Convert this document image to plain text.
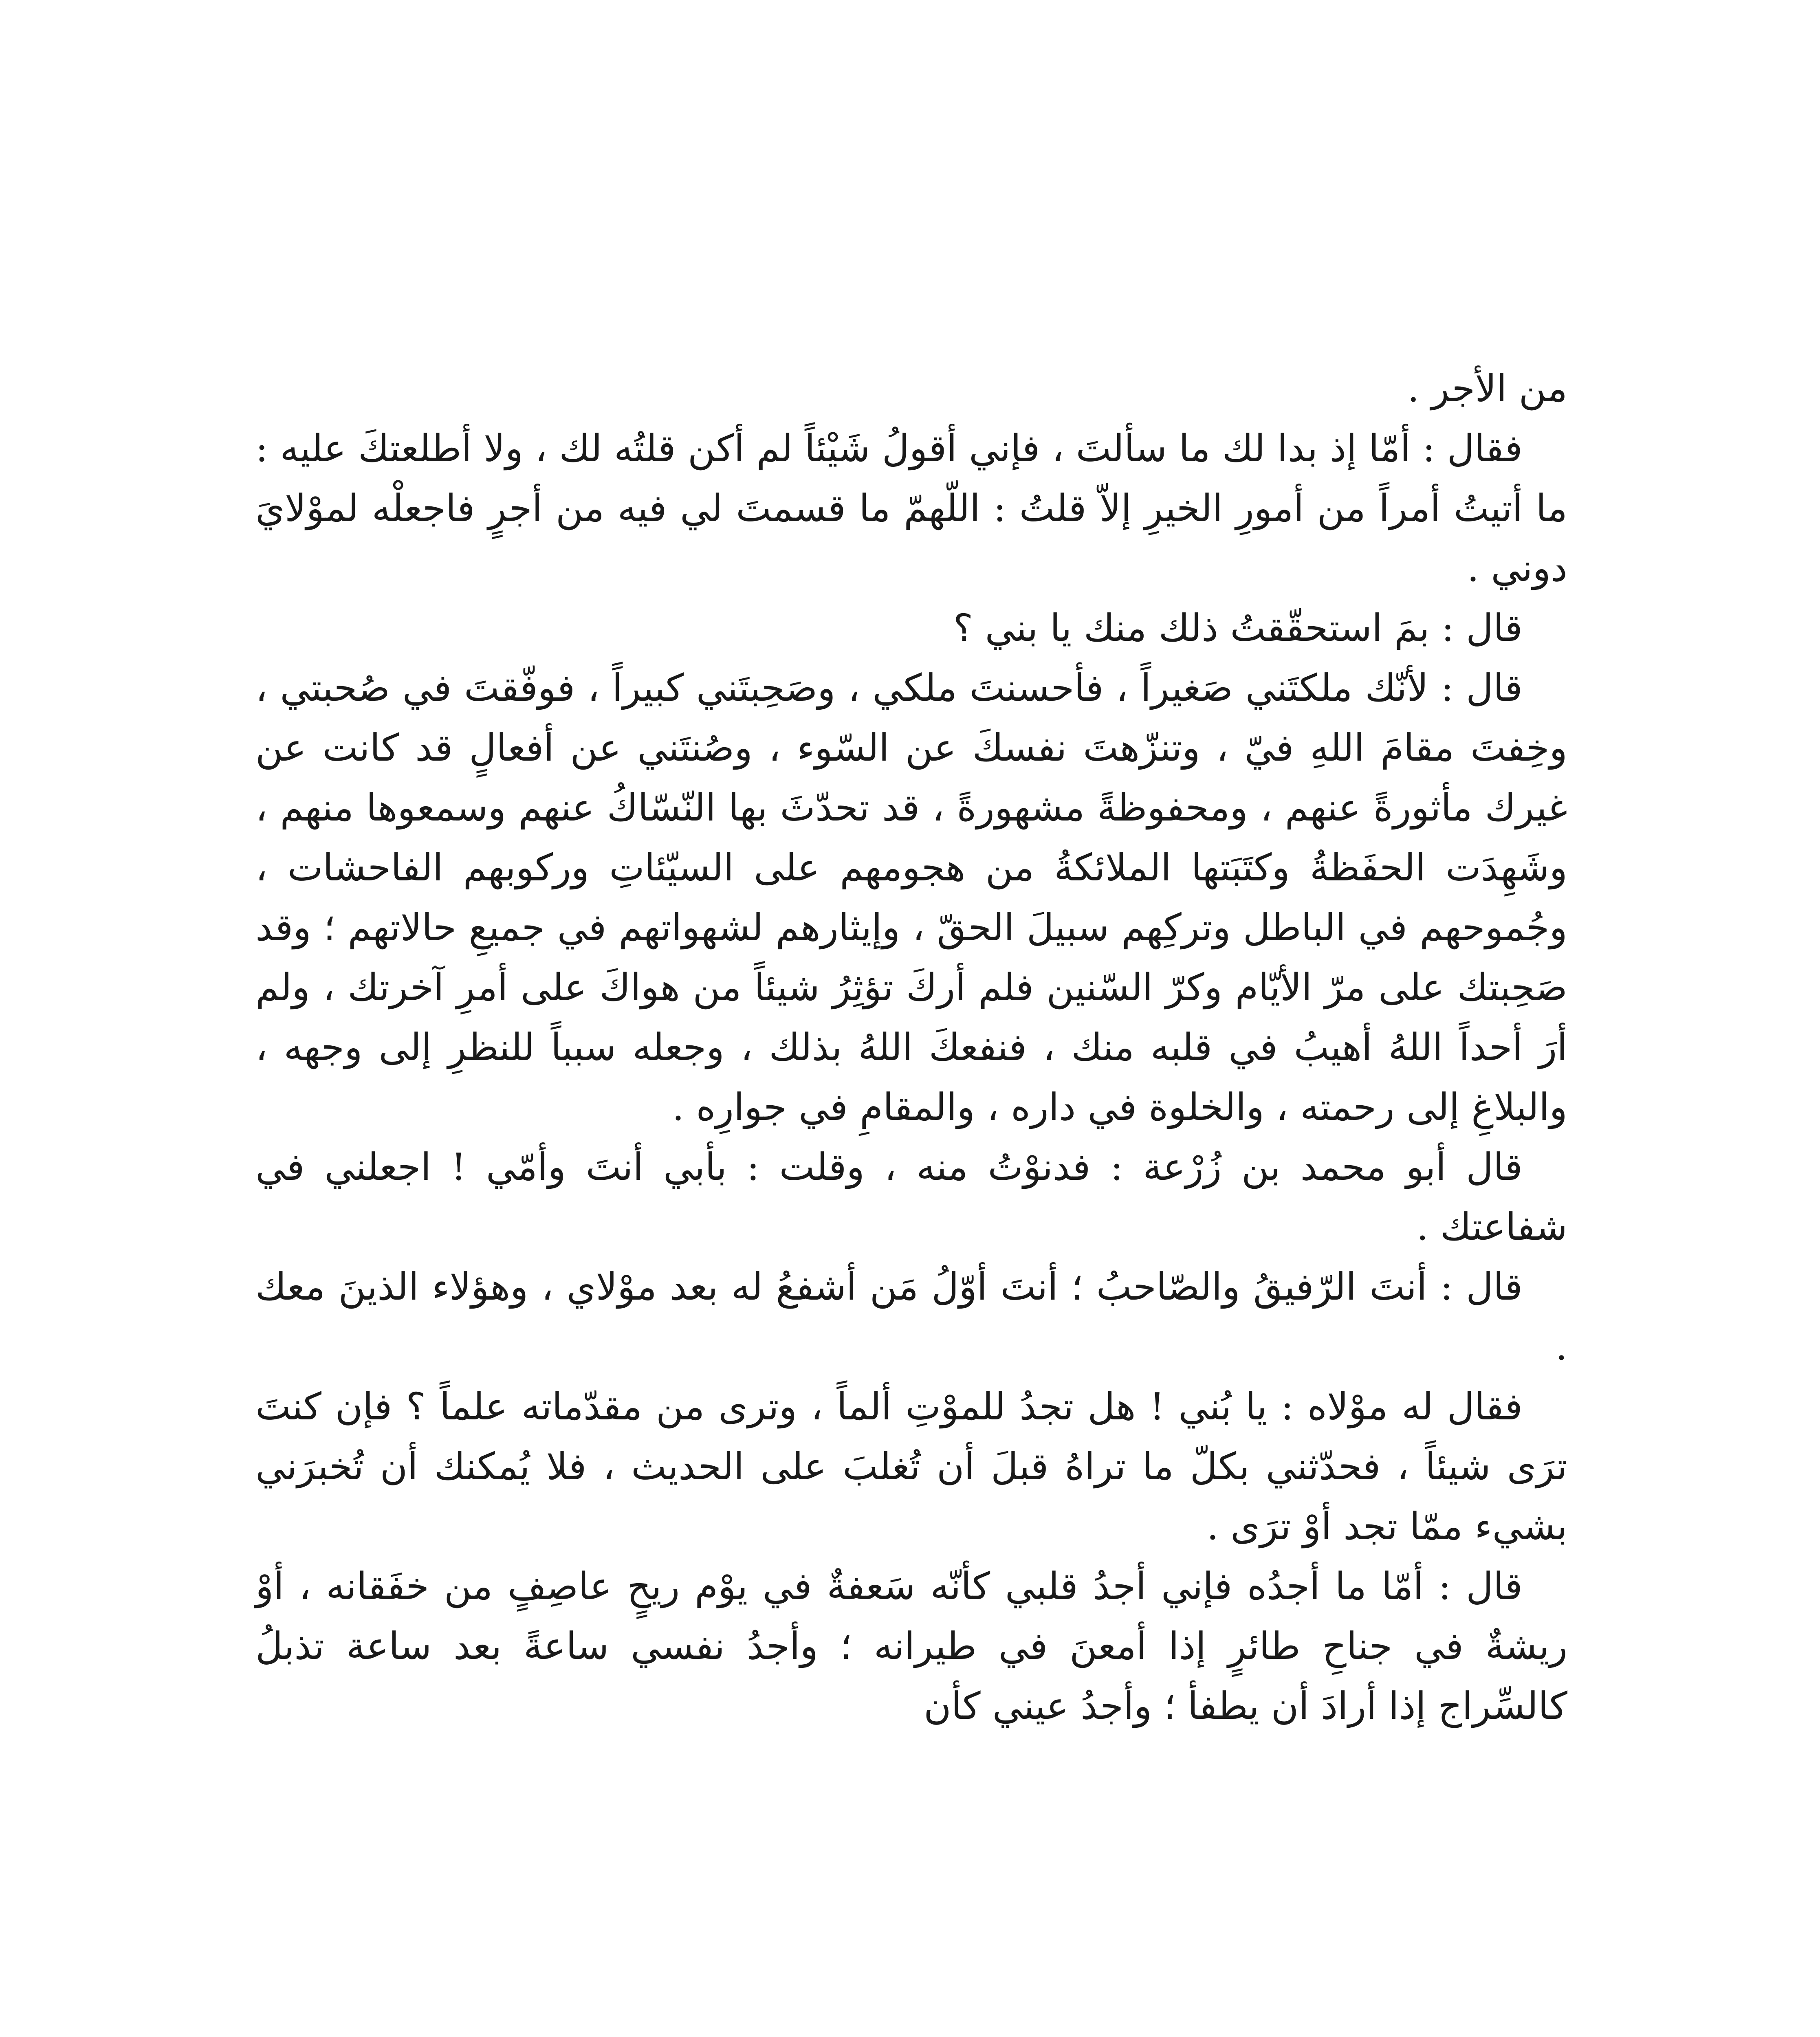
من الأجر .

فقال : أمّا إذ بدا لك ما سألتَ ، فإني أقولُ شَيْئاً لم أكن قلتُه لك ، ولا أطلعتكَ عليه : ما أتيتُ أمراً من أمورِ الخيرِ إلاّ قلتُ : اللّهمّ ما قسمتَ لي فيه من أجرٍ فاجعلْه لموْلايَ دوني .

قال : بمَ استحقّقتُ ذلك منك يا بني ؟

قال : لأنّك ملكتَني صَغيراً ، فأحسنتَ ملكي ، وصَحِبتَني كبيراً ، فوفّقتَ في صُحبتي ، وخِفتَ مقامَ اللهِ فيّ ، وتنزّهتَ نفسكَ عن السّوء ، وصُنتَني عن أفعالٍ قد كانت عن غيرك مأثورةً عنهم ، ومحفوظةً مشهورةً ، قد تحدّثَ بها النّسّاكُ عنهم وسمعوها منهم ، وشَهِدَت الحفَظةُ وكتَبَتها الملائكةُ من هجومهم على السيّئاتِ وركوبهم الفاحشات ، وجُموحهم في الباطل وتركِهم سبيلَ الحقّ ، وإيثارهم لشهواتهم في جميعِ حالاتهم ؛ وقد صَحِبتك على مرّ الأيّام وكرّ السّنين فلم أركَ تؤثِرُ شيئاً من هواكَ على أمرِ آخرتك ، ولم أرَ أحداً اللهُ أهيبُ في قلبه منك ، فنفعكَ اللهُ بذلك ، وجعله سبباً للنظرِ إلى وجهه ، والبلاغِ إلى رحمته ، والخلوة في داره ، والمقامِ في جوارِه .

قال أبو محمد بن زُرْعة : فدنوْتُ منه ، وقلت : بأبي أنتَ وأمّي ! اجعلني في شفاعتك .

قال : أنتَ الرّفيقُ والصّاحبُ ؛ أنتَ أوّلُ مَن أشفعُ له بعد موْلاي ، وهؤلاء الذينَ معك .

فقال له موْلاه : يا بُني ! هل تجدُ للموْتِ ألماً ، وترى من مقدّماته علماً ؟ فإن كنتَ ترَى شيئاً ، فحدّثني بكلّ ما تراهُ قبلَ أن تُغلبَ على الحديث ، فلا يُمكنك أن تُخبرَني بشيء ممّا تجد أوْ ترَى .

قال : أمّا ما أجدُه فإني أجدُ قلبي كأنّه سَعفةٌ في يوْم ريحٍ عاصِفٍ من خفَقانه ، أوْ ريشةٌ في جناحِ طائرٍ إذا أمعنَ في طيرانه ؛ وأجدُ نفسي ساعةً بعد ساعة تذبلُ كالسِّراج إذا أرادَ أن يطفأ ؛ وأجدُ عيني كأن
